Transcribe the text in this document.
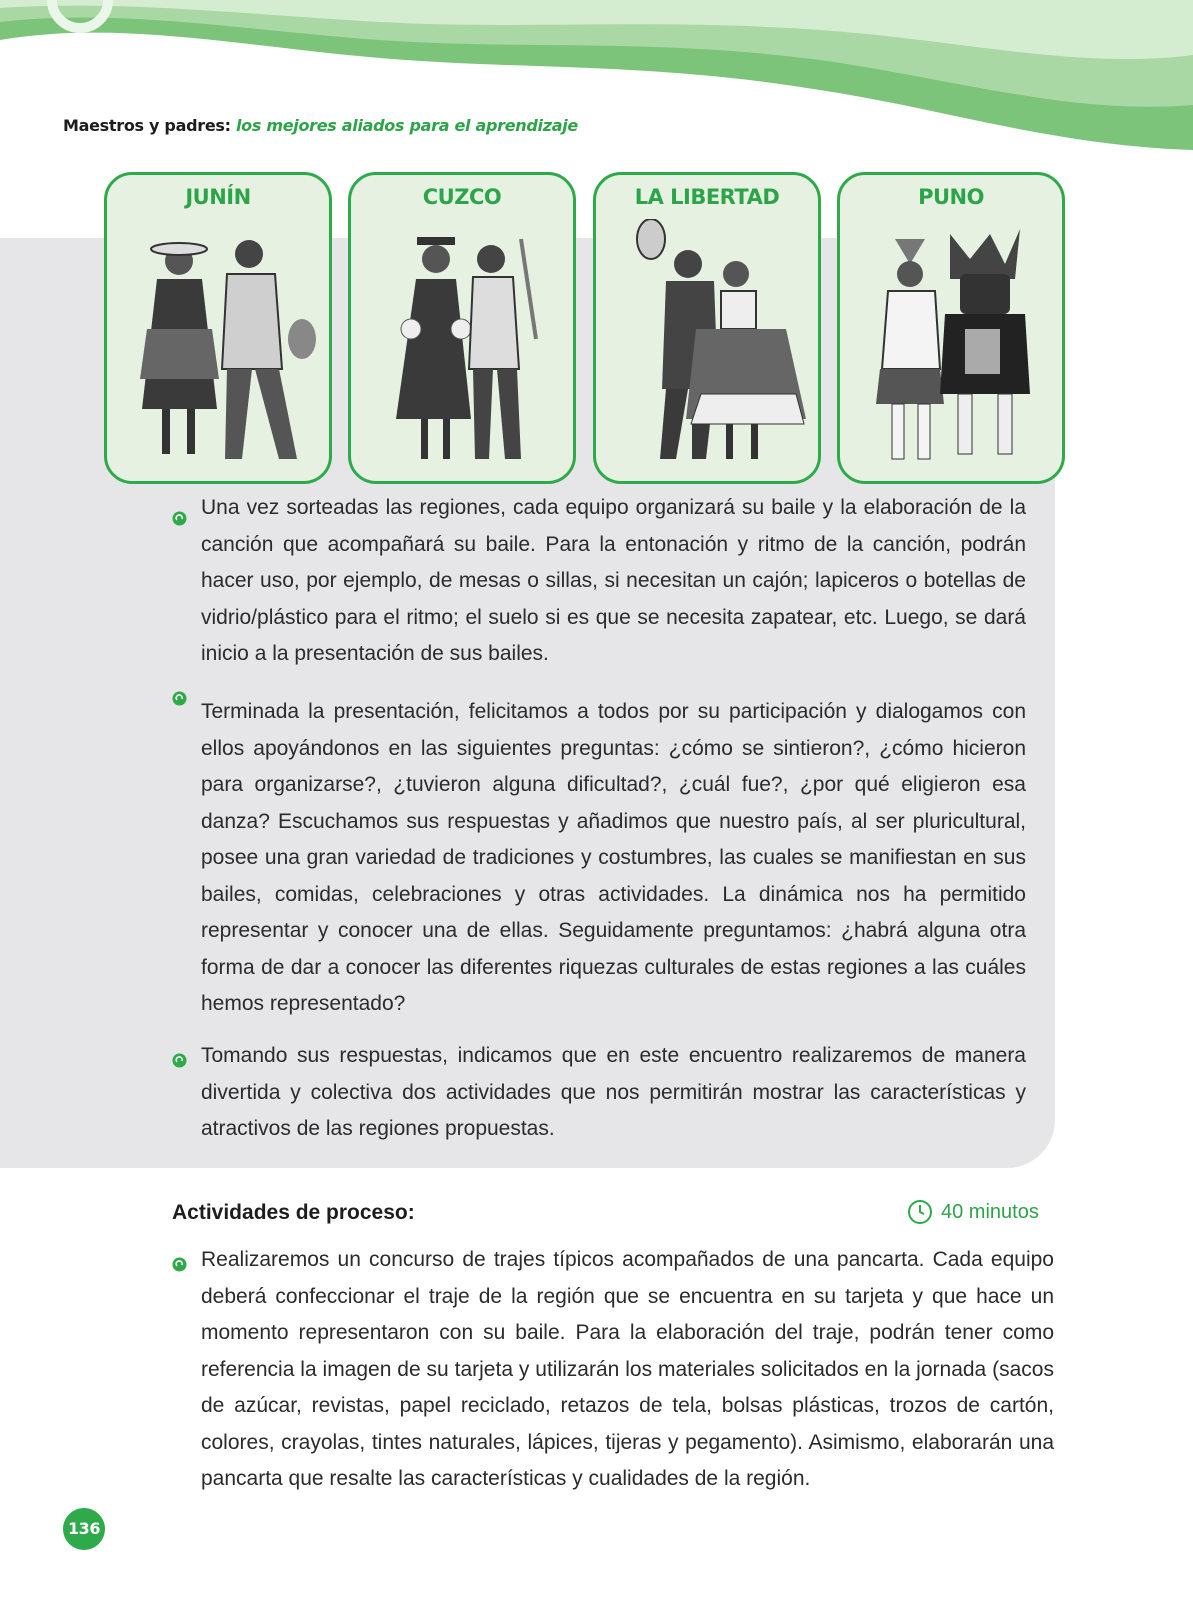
Maestros y padres: los mejores aliados para el aprendizaje
JUNÍN	CUZCO	LA LIBERTAD	PUNO
Una vez sorteadas las regiones, cada equipo organizará su baile y la elaboración de la canción que acompañará su baile. Para la entonación y ritmo de la canción, podrán hacer uso, por ejemplo, de mesas o sillas, si necesitan un cajón; lapiceros o botellas de vidrio/plástico para el ritmo; el suelo si es que se necesita zapatear, etc. Luego, se dará inicio a la presentación de sus bailes.
Terminada la presentación, felicitamos a todos por su participación y dialogamos con ellos apoyándonos en las siguientes preguntas: ¿cómo se sintieron?, ¿cómo hicieron para organizarse?, ¿tuvieron alguna dificultad?, ¿cuál fue?, ¿por qué eligieron esa danza? Escuchamos sus respuestas y añadimos que nuestro país, al ser pluricultural, posee una gran variedad de tradiciones y costumbres, las cuales se manifiestan en sus bailes, comidas, celebraciones y otras actividades. La dinámica nos ha permitido representar y conocer una de ellas. Seguidamente preguntamos: ¿habrá alguna otra forma de dar a conocer las diferentes riquezas culturales de estas regiones a las cuáles hemos representado?
Tomando sus respuestas, indicamos que en este encuentro realizaremos de manera divertida y colectiva dos actividades que nos permitirán mostrar las características y atractivos de las regiones propuestas.
Actividades de proceso:	40 minutos
Realizaremos un concurso de trajes típicos acompañados de una pancarta. Cada equipo deberá confeccionar el traje de la región que se encuentra en su tarjeta y que hace un momento representaron con su baile. Para la elaboración del traje, podrán tener como referencia la imagen de su tarjeta y utilizarán los materiales solicitados en la jornada (sacos de azúcar, revistas, papel reciclado, retazos de tela, bolsas plásticas, trozos de cartón, colores, crayolas, tintes naturales, lápices, tijeras y pegamento). Asimismo, elaborarán una pancarta que resalte las características y cualidades de la región.
136
